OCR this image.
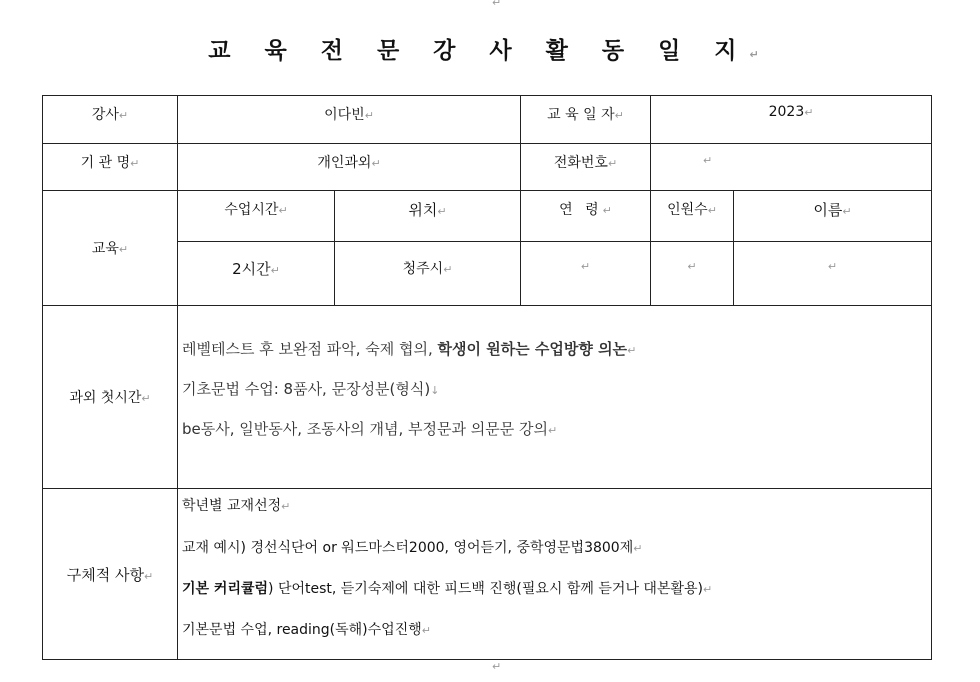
↵
교 육 전 문 강 사 활 동 일 지↵
강사↵	이다빈↵		교 육 일 자↵	2023↵	
기 관 명↵	개인과외↵		전화번호↵	↵	
교육↵	수업시간↵	위치↵	연 령↵	인원수↵	이름↵
	2시간↵	청주시↵	↵	↵	↵
과외 첫시간↵	레벨테스트 후 보완점 파악, 숙제 협의, 학생이 원하는 수업방향 의논↵
기초문법 수업: 8품사, 문장성분(형식)↓
be동사, 일반동사, 조동사의 개념, 부정문과 의문문 강의↵				

구체적 사항↵	학년별 교재선정↵
교재 예시) 경선식단어 or 워드마스터2000, 영어듣기, 중학영문법3800제↵
기본 커리큘럼) 단어test, 듣기숙제에 대한 피드백 진행(필요시 함께 듣거나 대본활용)↵
기본문법 수업, reading(독해)수업진행↵				
↵
